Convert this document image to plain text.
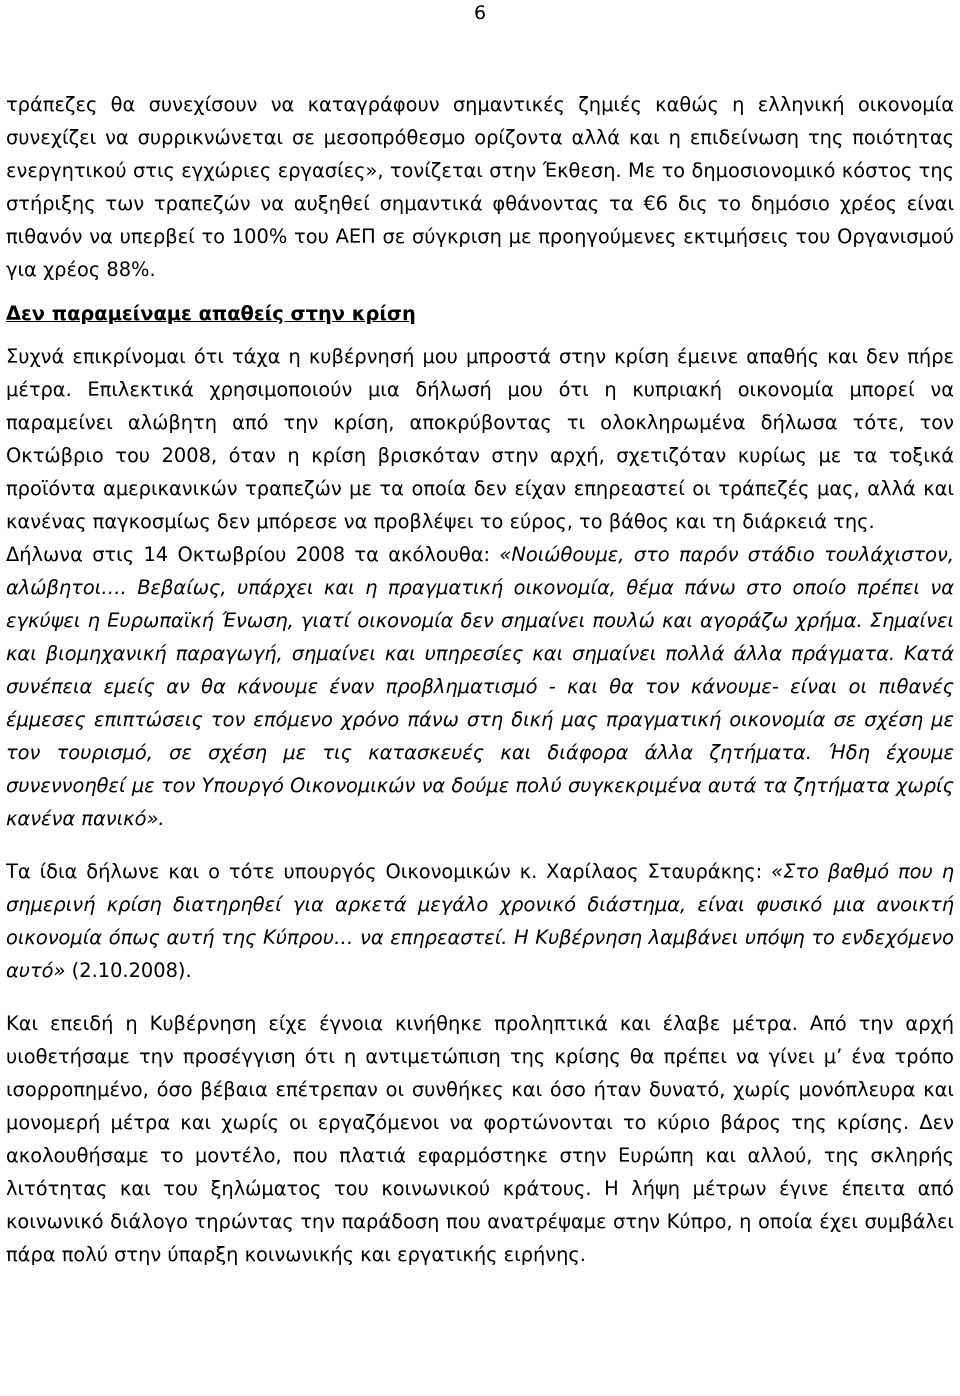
6

τράπεζες θα συνεχίσουν να καταγράφουν σημαντικές ζημιές καθώς η ελληνική οικονομία συνεχίζει να συρρικνώνεται σε μεσοπρόθεσμο ορίζοντα αλλά και η επιδείνωση της ποιότητας ενεργητικού στις εγχώριες εργασίες», τονίζεται στην Έκθεση. Με το δημοσιονομικό κόστος της στήριξης των τραπεζών να αυξηθεί σημαντικά φθάνοντας τα €6 δις το δημόσιο χρέος είναι πιθανόν να υπερβεί το 100% του ΑΕΠ σε σύγκριση με προηγούμενες εκτιμήσεις του Οργανισμού για χρέος 88%.

Δεν παραμείναμε απαθείς στην κρίση

Συχνά επικρίνομαι ότι τάχα η κυβέρνησή μου μπροστά στην κρίση έμεινε απαθής και δεν πήρε μέτρα. Επιλεκτικά χρησιμοποιούν μια δήλωσή μου ότι η κυπριακή οικονομία μπορεί να παραμείνει αλώβητη από την κρίση, αποκρύβοντας τι ολοκληρωμένα δήλωσα τότε, τον Οκτώβριο του 2008, όταν η κρίση βρισκόταν στην αρχή, σχετιζόταν κυρίως με τα τοξικά προϊόντα αμερικανικών τραπεζών με τα οποία δεν είχαν επηρεαστεί οι τράπεζές μας, αλλά και κανένας παγκοσμίως δεν μπόρεσε να προβλέψει το εύρος, το βάθος και τη διάρκειά της.

Δήλωνα στις 14 Οκτωβρίου 2008 τα ακόλουθα: «Νοιώθουμε, στο παρόν στάδιο τουλάχιστον, αλώβητοι…. Βεβαίως, υπάρχει και η πραγματική οικονομία, θέμα πάνω στο οποίο πρέπει να εγκύψει η Ευρωπαϊκή Ένωση, γιατί οικονομία δεν σημαίνει πουλώ και αγοράζω χρήμα. Σημαίνει και βιομηχανική παραγωγή, σημαίνει και υπηρεσίες και σημαίνει πολλά άλλα πράγματα. Κατά συνέπεια εμείς αν θα κάνουμε έναν προβληματισμό - και θα τον κάνουμε- είναι οι πιθανές έμμεσες επιπτώσεις τον επόμενο χρόνο πάνω στη δική μας πραγματική οικονομία σε σχέση με τον τουρισμό, σε σχέση με τις κατασκευές και διάφορα άλλα ζητήματα. Ήδη έχουμε συνεννοηθεί με τον Υπουργό Οικονομικών να δούμε πολύ συγκεκριμένα αυτά τα ζητήματα χωρίς κανένα πανικό».

Τα ίδια δήλωνε και ο τότε υπουργός Οικονομικών κ. Χαρίλαος Σταυράκης: «Στο βαθμό που η σημερινή κρίση διατηρηθεί για αρκετά μεγάλο χρονικό διάστημα, είναι φυσικό μια ανοικτή οικονομία όπως αυτή της Κύπρου… να επηρεαστεί. Η Κυβέρνηση λαμβάνει υπόψη το ενδεχόμενο αυτό» (2.10.2008).

Και επειδή η Κυβέρνηση είχε έγνοια κινήθηκε προληπτικά και έλαβε μέτρα. Από την αρχή υιοθετήσαμε την προσέγγιση ότι η αντιμετώπιση της κρίσης θα πρέπει να γίνει μ’ ένα τρόπο ισορροπημένο, όσο βέβαια επέτρεπαν οι συνθήκες και όσο ήταν δυνατό, χωρίς μονόπλευρα και μονομερή μέτρα και χωρίς οι εργαζόμενοι να φορτώνονται το κύριο βάρος της κρίσης. Δεν ακολουθήσαμε το μοντέλο, που πλατιά εφαρμόστηκε στην Ευρώπη και αλλού, της σκληρής λιτότητας και του ξηλώματος του κοινωνικού κράτους. Η λήψη μέτρων έγινε έπειτα από κοινωνικό διάλογο τηρώντας την παράδοση που ανατρέψαμε στην Κύπρο, η οποία έχει συμβάλει πάρα πολύ στην ύπαρξη κοινωνικής και εργατικής ειρήνης.
